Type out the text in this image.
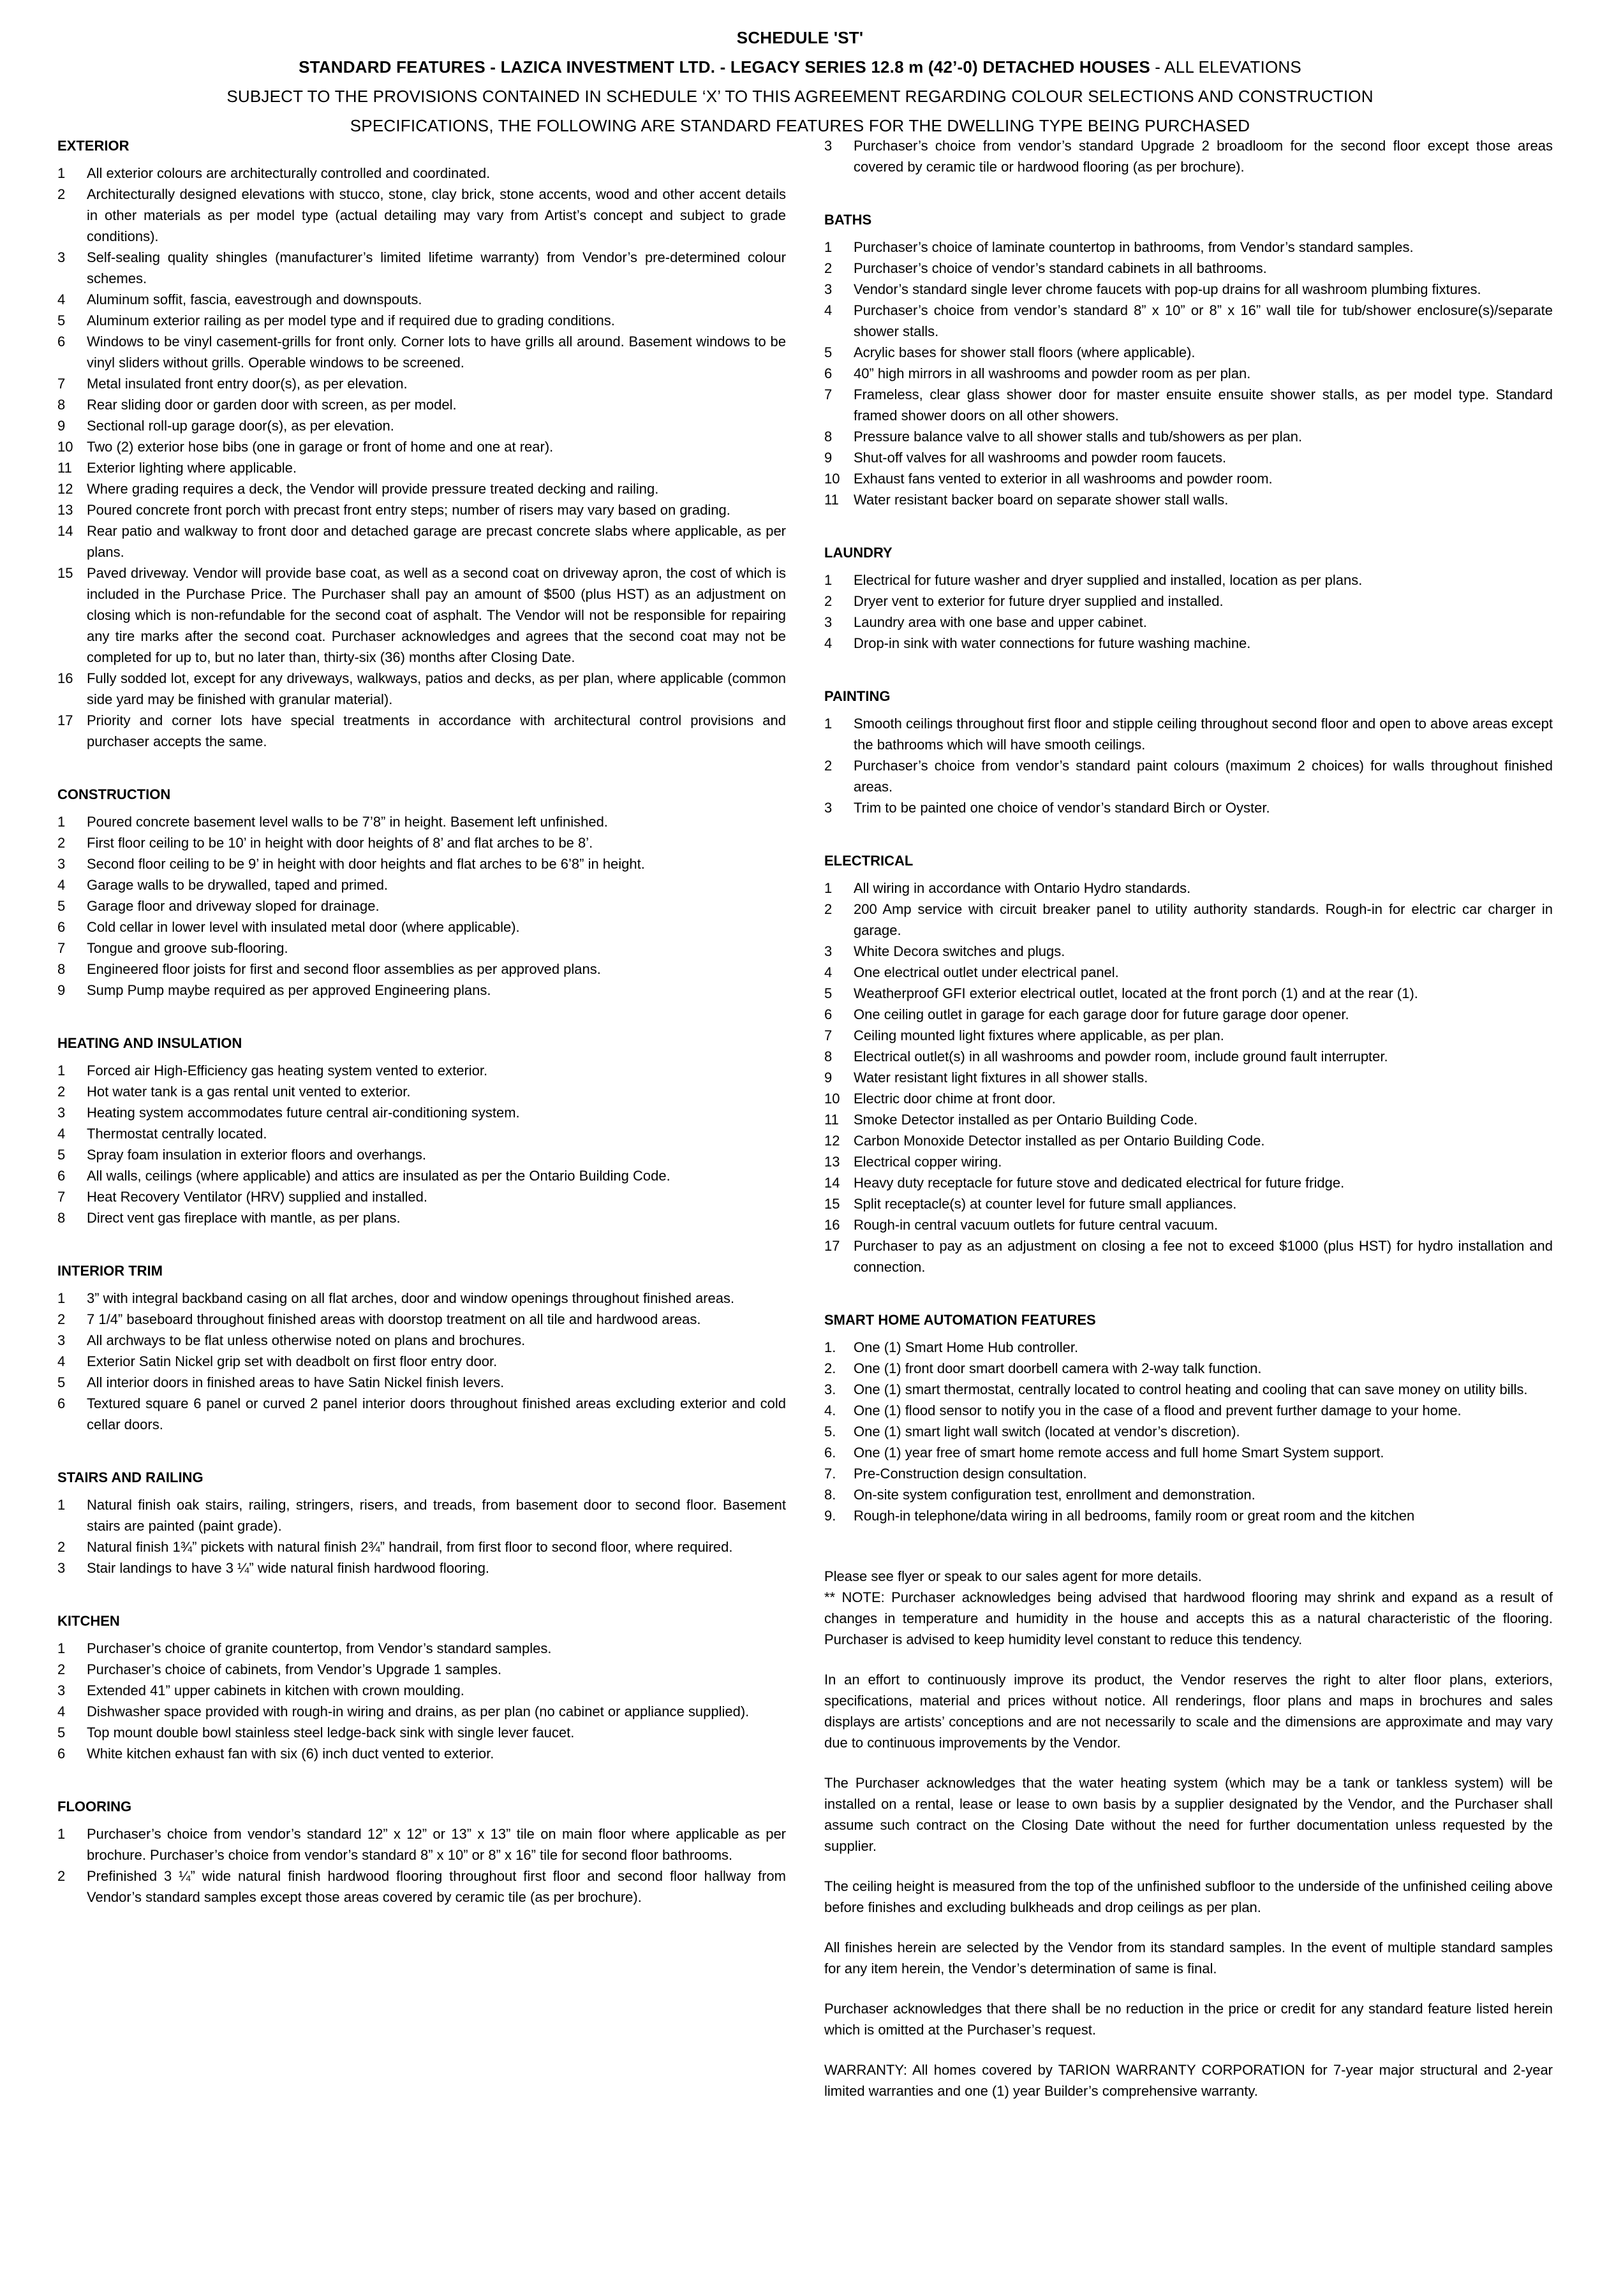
SCHEDULE 'ST'
STANDARD FEATURES - LAZICA INVESTMENT LTD. - LEGACY SERIES 12.8 m (42’-0) DETACHED HOUSES - ALL ELEVATIONS
SUBJECT TO THE PROVISIONS CONTAINED IN SCHEDULE ‘X’ TO THIS AGREEMENT REGARDING COLOUR SELECTIONS AND CONSTRUCTION
SPECIFICATIONS, THE FOLLOWING ARE STANDARD FEATURES FOR THE DWELLING TYPE BEING PURCHASED
EXTERIOR
1	All exterior colours are architecturally controlled and coordinated.
2	Architecturally designed elevations with stucco, stone, clay brick, stone accents, wood and other accent details in other materials as per model type (actual detailing may vary from Artist’s concept and subject to grade conditions).
3	Self-sealing quality shingles (manufacturer’s limited lifetime warranty) from Vendor’s pre-determined colour schemes.
4	Aluminum soffit, fascia, eavestrough and downspouts.
5	Aluminum exterior railing as per model type and if required due to grading conditions.
6	Windows to be vinyl casement-grills for front only. Corner lots to have grills all around. Basement windows to be vinyl sliders without grills. Operable windows to be screened.
7	Metal insulated front entry door(s), as per elevation.
8	Rear sliding door or garden door with screen, as per model.
9	Sectional roll-up garage door(s), as per elevation.
10 Two (2) exterior hose bibs (one in garage or front of home and one at rear).
11	Exterior lighting where applicable.
12 Where grading requires a deck, the Vendor will provide pressure treated decking and railing.
13 Poured concrete front porch with precast front entry steps; number of risers may vary based on grading.
14 Rear patio and walkway to front door and detached garage are precast concrete slabs where applicable, as per plans.
15 Paved driveway. Vendor will provide base coat, as well as a second coat on driveway apron, the cost of which is included in the Purchase Price. The Purchaser shall pay an amount of $500 (plus HST) as an adjustment on closing which is non-refundable for the second coat of asphalt. The Vendor will not be responsible for repairing any tire marks after the second coat. Purchaser acknowledges and agrees that the second coat may not be completed for up to, but no later than, thirty-six (36) months after Closing Date.
16 Fully sodded lot, except for any driveways, walkways, patios and decks, as per plan, where applicable (common side yard may be finished with granular material).
17 Priority and corner lots have special treatments in accordance with architectural control provisions and purchaser accepts the same.
CONSTRUCTION
1	Poured concrete basement level walls to be 7’8” in height. Basement left unfinished.
2	First floor ceiling to be 10’ in height with door heights of 8’ and flat arches to be 8’.
3	Second floor ceiling to be 9’ in height with door heights and flat arches to be 6’8” in height.
4	Garage walls to be drywalled, taped and primed.
5	Garage floor and driveway sloped for drainage.
6	Cold cellar in lower level with insulated metal door (where applicable).
7	Tongue and groove sub-flooring.
8	Engineered floor joists for first and second floor assemblies as per approved plans.
9	Sump Pump maybe required as per approved Engineering plans.
HEATING AND INSULATION
1	Forced air High-Efficiency gas heating system vented to exterior.
2	Hot water tank is a gas rental unit vented to exterior.
3	Heating system accommodates future central air-conditioning system.
4	Thermostat centrally located.
5	Spray foam insulation in exterior floors and overhangs.
6	All walls, ceilings (where applicable) and attics are insulated as per the Ontario Building Code.
7	Heat Recovery Ventilator (HRV) supplied and installed.
8	Direct vent gas fireplace with mantle, as per plans.
INTERIOR TRIM
1	3” with integral backband casing on all flat arches, door and window openings throughout finished areas.
2	7 1/4” baseboard throughout finished areas with doorstop treatment on all tile and hardwood areas.
3	All archways to be flat unless otherwise noted on plans and brochures.
4	Exterior Satin Nickel grip set with deadbolt on first floor entry door.
5	All interior doors in finished areas to have Satin Nickel finish levers.
6	Textured square 6 panel or curved 2 panel interior doors throughout finished areas excluding exterior and cold cellar doors.
STAIRS AND RAILING
1	Natural finish oak stairs, railing, stringers, risers, and treads, from basement door to second floor. Basement stairs are painted (paint grade).
2	Natural finish 1¾” pickets with natural finish 2¾” handrail, from first floor to second floor, where required.
3	Stair landings to have 3 ¼” wide natural finish hardwood flooring.
KITCHEN
1	Purchaser’s choice of granite countertop, from Vendor’s standard samples.
2	Purchaser’s choice of cabinets, from Vendor’s Upgrade 1 samples.
3	Extended 41” upper cabinets in kitchen with crown moulding.
4	Dishwasher space provided with rough-in wiring and drains, as per plan (no cabinet or appliance supplied).
5	Top mount double bowl stainless steel ledge-back sink with single lever faucet.
6	White kitchen exhaust fan with six (6) inch duct vented to exterior.
FLOORING
1	Purchaser’s choice from vendor’s standard 12” x 12” or 13” x 13” tile on main floor where applicable as per brochure. Purchaser’s choice from vendor’s standard 8” x 10” or 8” x 16” tile for second floor bathrooms.
2	Prefinished 3 ¼” wide natural finish hardwood flooring throughout first floor and second floor hallway from Vendor’s standard samples except those areas covered by ceramic tile (as per brochure).
3	Purchaser’s choice from vendor’s standard Upgrade 2 broadloom for the second floor except those areas covered by ceramic tile or hardwood flooring (as per brochure).
BATHS
1	Purchaser’s choice of laminate countertop in bathrooms, from Vendor’s standard samples.
2	Purchaser’s choice of vendor’s standard cabinets in all bathrooms.
3	Vendor’s standard single lever chrome faucets with pop-up drains for all washroom plumbing fixtures.
4	Purchaser’s choice from vendor’s standard 8” x 10” or 8” x 16” wall tile for tub/shower enclosure(s)/separate shower stalls.
5	Acrylic bases for shower stall floors (where applicable).
6	40” high mirrors in all washrooms and powder room as per plan.
7	Frameless, clear glass shower door for master ensuite ensuite shower stalls, as per model type. Standard framed shower doors on all other showers.
8	Pressure balance valve to all shower stalls and tub/showers as per plan.
9	Shut-off valves for all washrooms and powder room faucets.
10 Exhaust fans vented to exterior in all washrooms and powder room.
11	Water resistant backer board on separate shower stall walls.
LAUNDRY
1	Electrical for future washer and dryer supplied and installed, location as per plans.
2	Dryer vent to exterior for future dryer supplied and installed.
3	Laundry area with one base and upper cabinet.
4	Drop-in sink with water connections for future washing machine.
PAINTING
1	Smooth ceilings throughout first floor and stipple ceiling throughout second floor and open to above areas except the bathrooms which will have smooth ceilings.
2	Purchaser’s choice from vendor’s standard paint colours (maximum 2 choices) for walls throughout finished areas.
3	Trim to be painted one choice of vendor’s standard Birch or Oyster.
ELECTRICAL
1	All wiring in accordance with Ontario Hydro standards.
2	200 Amp service with circuit breaker panel to utility authority standards. Rough-in for electric car charger in garage.
3	White Decora switches and plugs.
4	One electrical outlet under electrical panel.
5	Weatherproof GFI exterior electrical outlet, located at the front porch (1) and at the rear (1).
6	One ceiling outlet in garage for each garage door for future garage door opener.
7	Ceiling mounted light fixtures where applicable, as per plan.
8	Electrical outlet(s) in all washrooms and powder room, include ground fault interrupter.
9	Water resistant light fixtures in all shower stalls.
10 Electric door chime at front door.
11	Smoke Detector installed as per Ontario Building Code.
12 Carbon Monoxide Detector installed as per Ontario Building Code.
13 Electrical copper wiring.
14 Heavy duty receptacle for future stove and dedicated electrical for future fridge.
15 Split receptacle(s) at counter level for future small appliances.
16 Rough-in central vacuum outlets for future central vacuum.
17 Purchaser to pay as an adjustment on closing a fee not to exceed $1000 (plus HST) for hydro installation and connection.
SMART HOME AUTOMATION FEATURES
1.	One (1) Smart Home Hub controller.
2.	One (1) front door smart doorbell camera with 2-way talk function.
3.	One (1) smart thermostat, centrally located to control heating and cooling that can save money on utility bills.
4.	One (1) flood sensor to notify you in the case of a flood and prevent further damage to your home.
5.	One (1) smart light wall switch (located at vendor’s discretion).
6.	One (1) year free of smart home remote access and full home Smart System support.
7.	Pre-Construction design consultation.
8.	On-site system configuration test, enrollment and demonstration.
9.	Rough-in telephone/data wiring in all bedrooms, family room or great room and the kitchen
Please see flyer or speak to our sales agent for more details.
** NOTE: Purchaser acknowledges being advised that hardwood flooring may shrink and expand as a result of changes in temperature and humidity in the house and accepts this as a natural characteristic of the flooring. Purchaser is advised to keep humidity level constant to reduce this tendency.
In an effort to continuously improve its product, the Vendor reserves the right to alter floor plans, exteriors, specifications, material and prices without notice. All renderings, floor plans and maps in brochures and sales displays are artists’ conceptions and are not necessarily to scale and the dimensions are approximate and may vary due to continuous improvements by the Vendor.
The Purchaser acknowledges that the water heating system (which may be a tank or tankless system) will be installed on a rental, lease or lease to own basis by a supplier designated by the Vendor, and the Purchaser shall assume such contract on the Closing Date without the need for further documentation unless requested by the supplier.
The ceiling height is measured from the top of the unfinished subfloor to the underside of the unfinished ceiling above before finishes and excluding bulkheads and drop ceilings as per plan.
All finishes herein are selected by the Vendor from its standard samples. In the event of multiple standard samples for any item herein, the Vendor’s determination of same is final.
Purchaser acknowledges that there shall be no reduction in the price or credit for any standard feature listed herein which is omitted at the Purchaser’s request.
WARRANTY: All homes covered by TARION WARRANTY CORPORATION for 7-year major structural and 2-year limited warranties and one (1) year Builder’s comprehensive warranty.
